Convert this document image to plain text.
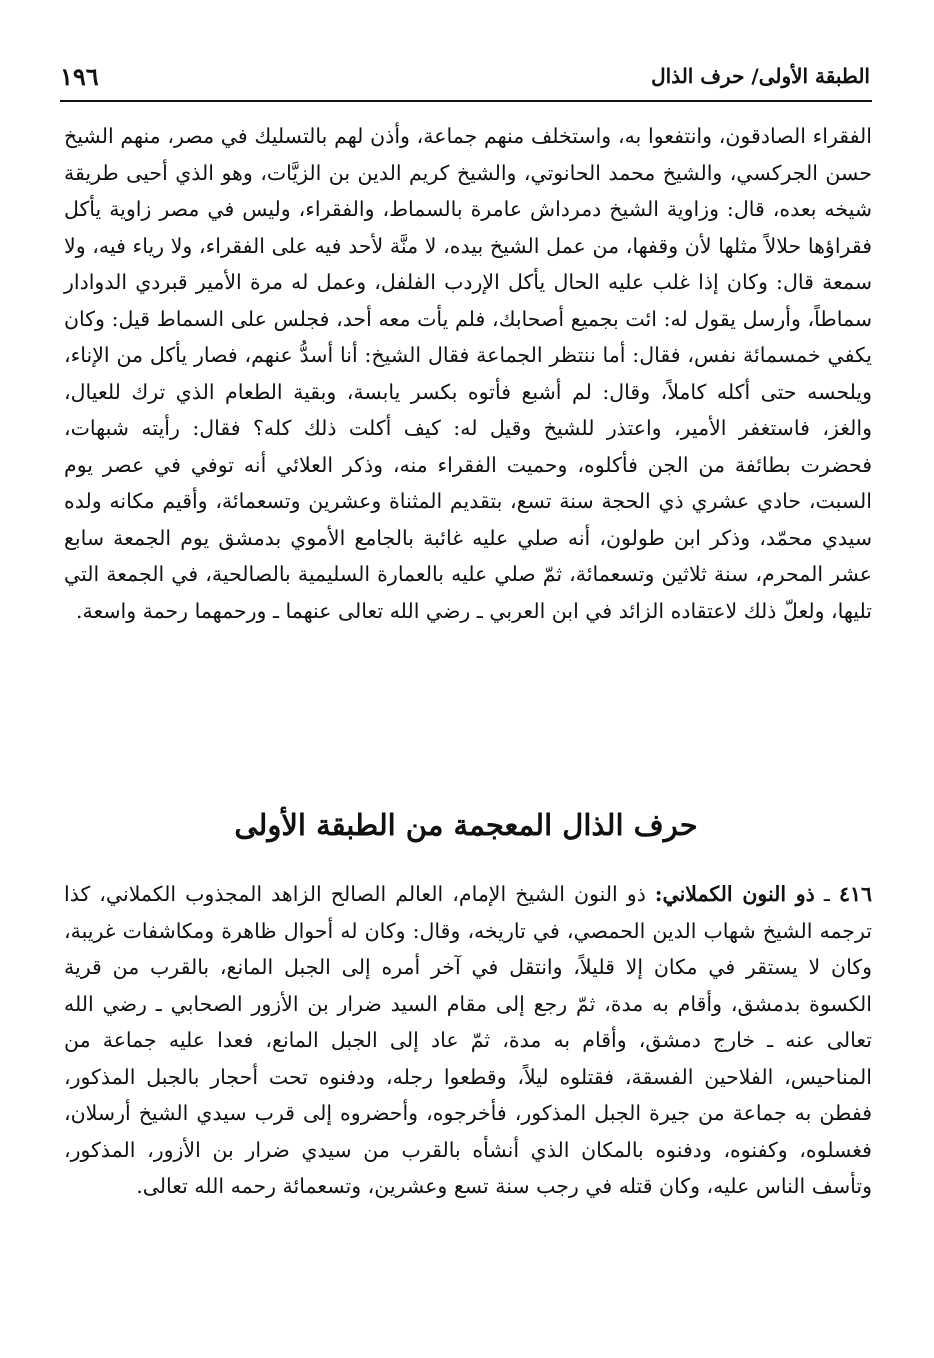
الطبقة الأولى/ حرف الذال
١٩٦

الفقراء الصادقون، وانتفعوا به، واستخلف منهم جماعة، وأذن لهم بالتسليك في مصر، منهم الشيخ حسن الجركسي، والشيخ محمد الحانوتي، والشيخ كريم الدين بن الزيَّات، وهو الذي أحيى طريقة شيخه بعده، قال: وزاوية الشيخ دمرداش عامرة بالسماط، والفقراء، وليس في مصر زاوية يأكل فقراؤها حلالاً مثلها لأن وقفها، من عمل الشيخ بيده، لا منَّة لأحد فيه على الفقراء، ولا رياء فيه، ولا سمعة قال: وكان إذا غلب عليه الحال يأكل الإردب الفلفل، وعمل له مرة الأمير قبردي الدوادار سماطاً، وأرسل يقول له: ائت بجميع أصحابك، فلم يأت معه أحد، فجلس على السماط قيل: وكان يكفي خمسمائة نفس، فقال: أما ننتظر الجماعة فقال الشيخ: أنا أسدُّ عنهم، فصار يأكل من الإناء، ويلحسه حتى أكله كاملاً، وقال: لم أشبع فأتوه بكسر يابسة، وبقية الطعام الذي ترك للعيال، والغز، فاستغفر الأمير، واعتذر للشيخ وقيل له: كيف أكلت ذلك كله؟ فقال: رأيته شبهات، فحضرت بطائفة من الجن فأكلوه، وحميت الفقراء منه، وذكر العلائي أنه توفي في عصر يوم السبت، حادي عشري ذي الحجة سنة تسع، بتقديم المثناة وعشرين وتسعمائة، وأقيم مكانه ولده سيدي محمّد، وذكر ابن طولون، أنه صلي عليه غائبة بالجامع الأموي بدمشق يوم الجمعة سابع عشر المحرم، سنة ثلاثين وتسعمائة، ثمّ صلي عليه بالعمارة السليمية بالصالحية، في الجمعة التي تليها، ولعلّ ذلك لاعتقاده الزائد في ابن العربي ـ رضي الله تعالى عنهما ـ ورحمهما رحمة واسعة.

حرف الذال المعجمة من الطبقة الأولى

٤١٦ ـ ذو النون الكملاني: ذو النون الشيخ الإمام، العالم الصالح الزاهد المجذوب الكملاني، كذا ترجمه الشيخ شهاب الدين الحمصي، في تاريخه، وقال: وكان له أحوال ظاهرة ومكاشفات غريبة، وكان لا يستقر في مكان إلا قليلاً، وانتقل في آخر أمره إلى الجبل المانع، بالقرب من قرية الكسوة بدمشق، وأقام به مدة، ثمّ رجع إلى مقام السيد ضرار بن الأزور الصحابي ـ رضي الله تعالى عنه ـ خارج دمشق، وأقام به مدة، ثمّ عاد إلى الجبل المانع، فعدا عليه جماعة من المناحيس، الفلاحين الفسقة، فقتلوه ليلاً، وقطعوا رجله، ودفنوه تحت أحجار بالجبل المذكور، ففطن به جماعة من جيرة الجبل المذكور، فأخرجوه، وأحضروه إلى قرب سيدي الشيخ أرسلان، فغسلوه، وكفنوه، ودفنوه بالمكان الذي أنشأه بالقرب من سيدي ضرار بن الأزور، المذكور، وتأسف الناس عليه، وكان قتله في رجب سنة تسع وعشرين، وتسعمائة رحمه الله تعالى.
